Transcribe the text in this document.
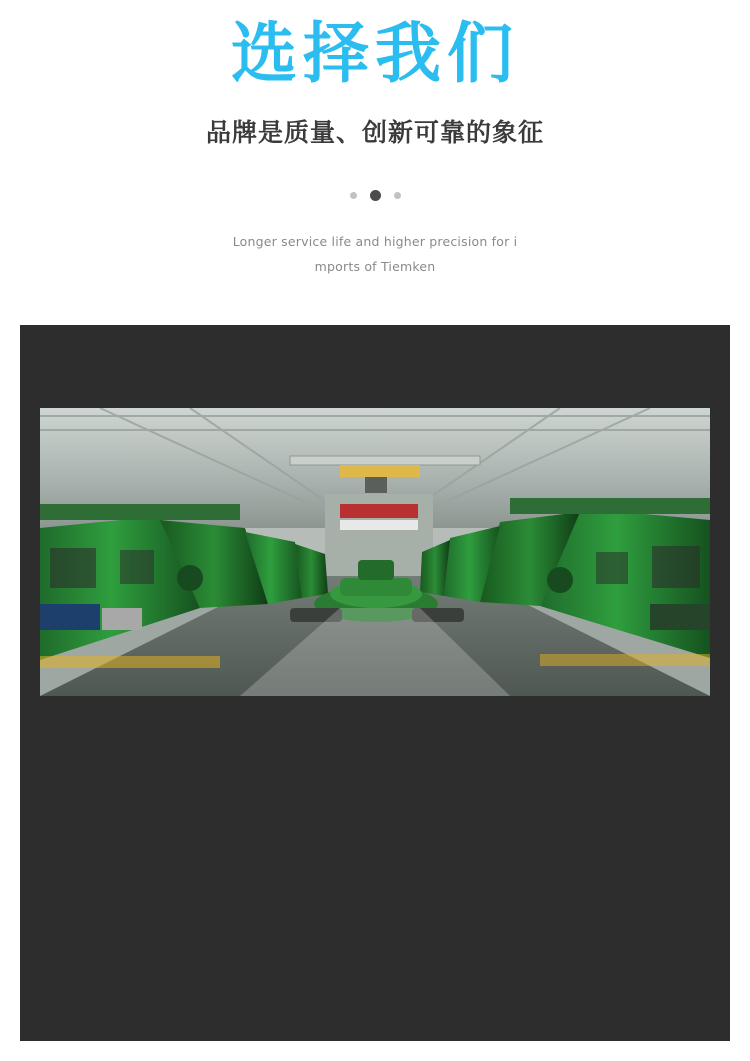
选择我们
品牌是质量、创新可靠的象征
Longer service life and higher precision for i
mports of Tiemken
